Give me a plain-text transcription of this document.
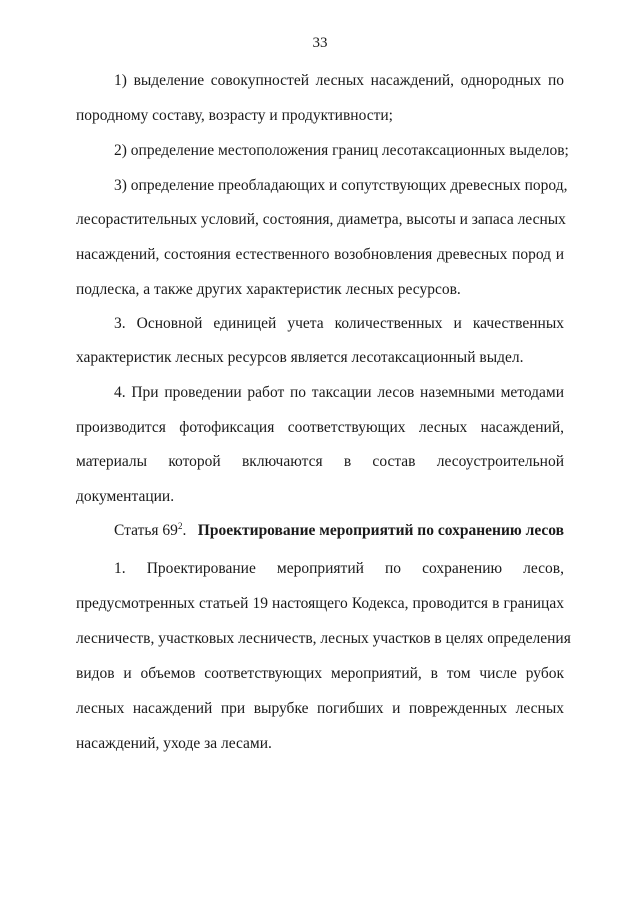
33
1) выделение совокупностей лесных насаждений, однородных по
породному составу, возрасту и продуктивности;
2) определение местоположения границ лесотаксационных выделов;
3) определение преобладающих и сопутствующих древесных пород,
лесорастительных условий, состояния, диаметра, высоты и запаса лесных
насаждений, состояния естественного возобновления древесных пород и
подлеска, а также других характеристик лесных ресурсов.
3. Основной единицей учета количественных и качественных
характеристик лесных ресурсов является лесотаксационный выдел.
4. При проведении работ по таксации лесов наземными методами
производится фотофиксация соответствующих лесных насаждений,
материалы которой включаются в состав лесоустроительной
документации.
Статья $69^2$. Проектирование мероприятий по сохранению лесов
1. Проектирование мероприятий по сохранению лесов,
предусмотренных статьей 19 настоящего Кодекса, проводится в границах
лесничеств, участковых лесничеств, лесных участков в целях определения
видов и объемов соответствующих мероприятий, в том числе рубок
лесных насаждений при вырубке погибших и поврежденных лесных
насаждений, уходе за лесами.
